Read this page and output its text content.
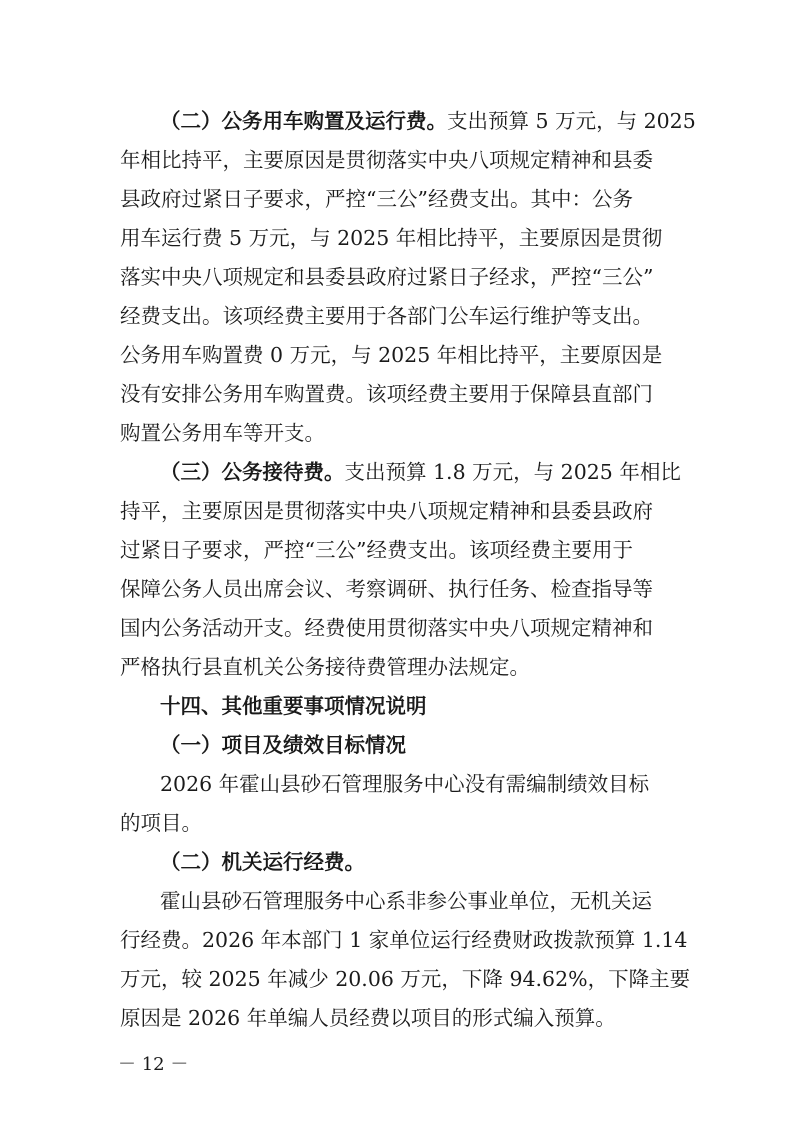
（二）公务用车购置及运行费。支出预算 5 万元，与 2025
年相比持平，主要原因是贯彻落实中央八项规定精神和县委
县政府过紧日子要求，严控“三公”经费支出。其中：公务
用车运行费 5 万元，与 2025 年相比持平，主要原因是贯彻
落实中央八项规定和县委县政府过紧日子经求，严控“三公”
经费支出。该项经费主要用于各部门公车运行维护等支出。
公务用车购置费 0 万元，与 2025 年相比持平，主要原因是
没有安排公务用车购置费。该项经费主要用于保障县直部门
购置公务用车等开支。
（三）公务接待费。支出预算 1.8 万元，与 2025 年相比
持平，主要原因是贯彻落实中央八项规定精神和县委县政府
过紧日子要求，严控“三公”经费支出。该项经费主要用于
保障公务人员出席会议、考察调研、执行任务、检查指导等
国内公务活动开支。经费使用贯彻落实中央八项规定精神和
严格执行县直机关公务接待费管理办法规定。
十四、其他重要事项情况说明
（一）项目及绩效目标情况
2026 年霍山县砂石管理服务中心没有需编制绩效目标
的项目。
（二）机关运行经费。
霍山县砂石管理服务中心系非参公事业单位，无机关运
行经费。2026 年本部门 1 家单位运行经费财政拨款预算 1.14
万元，较 2025 年减少 20.06 万元，下降 94.62%，下降主要
原因是 2026 年单编人员经费以项目的形式编入预算。
－ 12 －
